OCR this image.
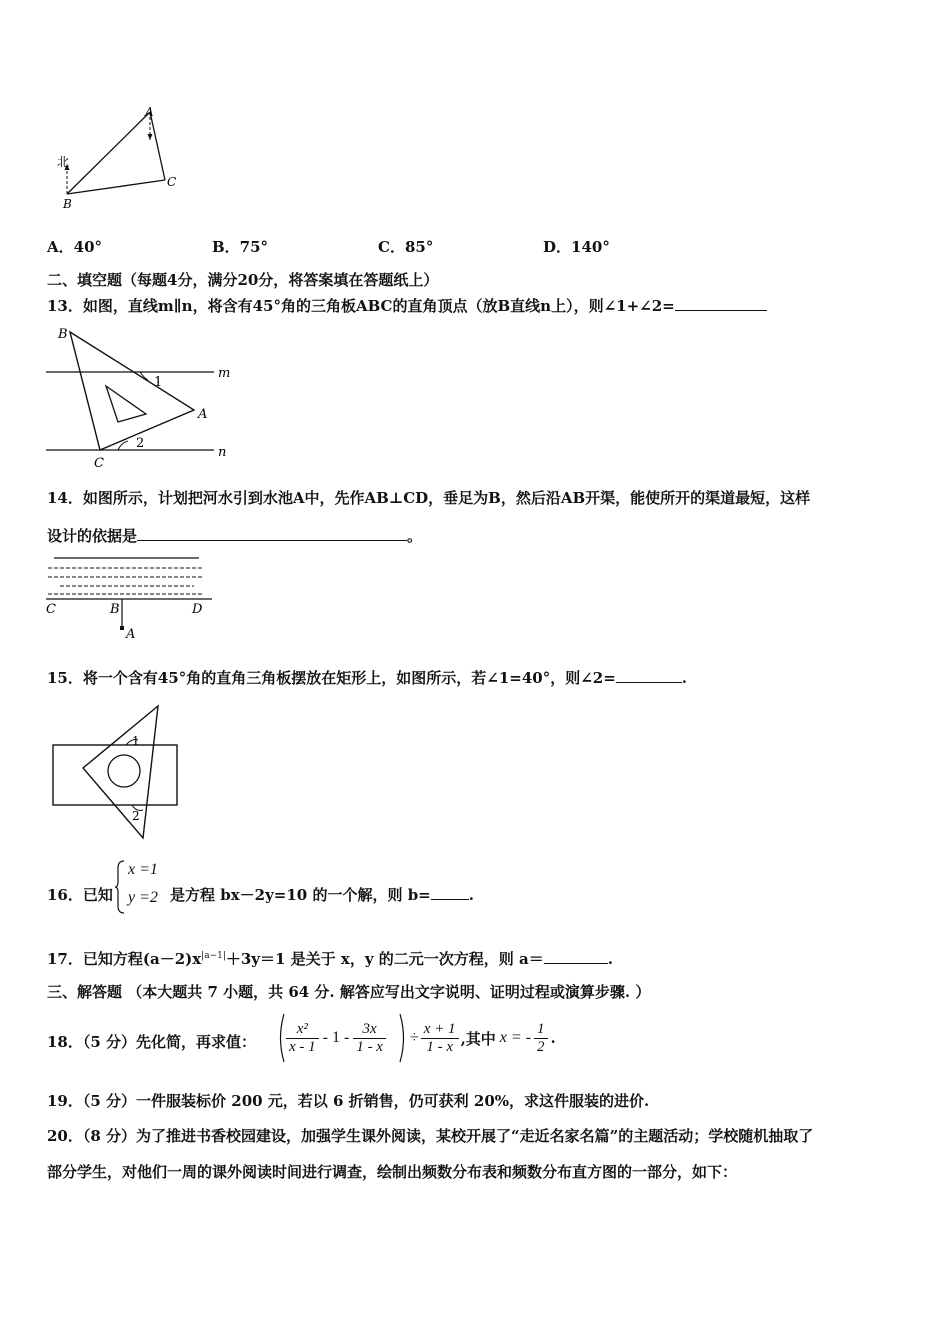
A
C
B
北
A．40°	B．75°	C．85°	D．140°
二、填空题（每题4分，满分20分，将答案填在答题纸上）
13．如图，直线m∥n，将含有45°角的三角板ABC的直角顶点（放B直线n上），则∠1+∠2=
B
m
1
A
2
n
C
14．如图所示，计划把河水引到水池A中，先作AB⊥CD，垂足为B，然后沿AB开渠，能使所开的渠道最短，这样
设计的依据是	。
C	B	D
A
15．将一个含有45°角的直角三角板摆放在矩形上，如图所示，若∠1=40°，则∠2=	.
1
2
16．已知
x =1
y =2 是方程 bx－2y=10 的一个解，则 b=	.
17．已知方程$(a-2)x^{|a-1|}+3y=1$ 是关于 x，y 的二元一次方程，则 a＝	.
三、解答题 （本大题共 7 小题，共 64 分. 解答应写出文字说明、证明过程或演算步骤. ）
18．（5 分）先化简，再求值： $\frac{\text{x²}}{x - 1} - 1 - \frac{3x}{1 - x} \div \frac{x + 1}{1 - x}$ ,其中 x = - $\frac{1}{2}$ .
19．（5 分）一件服装标价 200 元，若以 6 折销售，仍可获利 20%，求这件服装的进价.
20．（8 分）为了推进书香校园建设，加强学生课外阅读，某校开展了“走近名家名篇”的主题活动；学校随机抽取了
部分学生，对他们一周的课外阅读时间进行调查，绘制出频数分布表和频数分布直方图的一部分，如下：
